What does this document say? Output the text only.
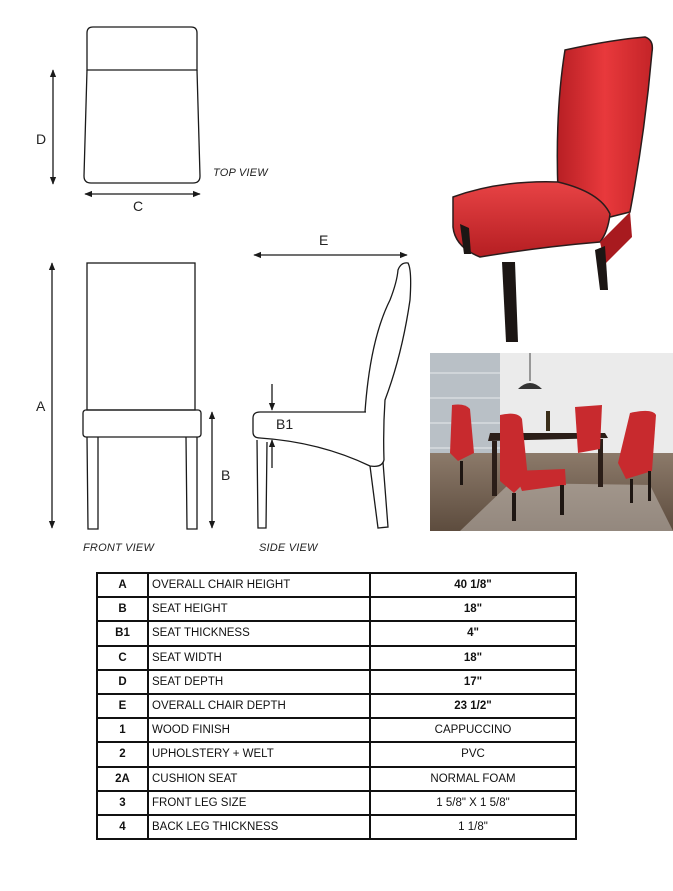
D
C
A
B
B1
E
TOP VIEW
FRONT VIEW	SIDE VIEW
A	OVERALL CHAIR HEIGHT	40 1/8"
B	SEAT HEIGHT	18"
B1	SEAT THICKNESS	4"
C	SEAT WIDTH	18"
D	SEAT DEPTH	17"
E	OVERALL CHAIR DEPTH	23 1/2"
1	WOOD FINISH	CAPPUCCINO
2	UPHOLSTERY + WELT	PVC
2A	CUSHION SEAT	NORMAL FOAM
3	FRONT LEG SIZE	1 5/8" X 1 5/8"
4	BACK LEG THICKNESS	1 1/8"
